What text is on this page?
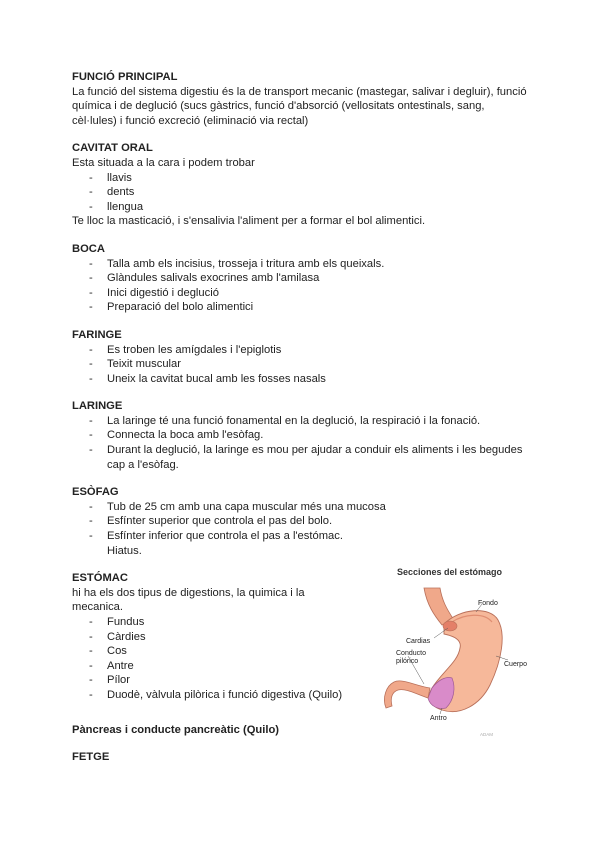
FUNCIÓ PRINCIPAL

La funció del sistema digestiu és la de transport mecanic (mastegar, salivar i degluir), funció

química i de deglució (sucs gàstrics, funció d'absorció (vellositats ontestinals, sang,

cèl·lules) i funció excreció (eliminació via rectal)

CAVITAT ORAL

Esta situada a la cara i podem trobar

- llavis
- dents
- llengua

Te lloc la masticació, i s'ensalivia l'aliment per a formar el bol alimentici.

BOCA

- Talla amb els incisius, trosseja i tritura amb els queixals.
- Glàndules salivals exocrines amb l'amilasa
- Inici digestió i deglució
- Preparació del bolo alimentici

FARINGE

- Es troben les amígdales i l'epiglotis
- Teixit muscular
- Uneix la cavitat bucal amb les fosses nasals

LARINGE

- La laringe té una funció fonamental en la deglució, la respiració i la fonació.
- Connecta la boca amb l'esòfag.
- Durant la deglució, la laringe es mou per ajudar a conduir els aliments i les begudes

cap a l'esòfag.

ESÒFAG

- Tub de 25 cm amb una capa muscular més una mucosa
- Esfínter superior que controla el pas del bolo.
- Esfínter inferior que controla el pas a l'estómac.

Hiatus.

ESTÓMAC

hi ha els dos tipus de digestions, la quimica i la

mecanica.

- Fundus
- Càrdies
- Cos
- Antre
- Pílor
- Duodè, vàlvula pilòrica i funció digestiva (Quilo)

Pàncreas i conducte pancreàtic (Quilo)

FETGE

Secciones del estómago
Fondo
Cardias
Conducto
pilórico	Cuerpo
Antro
ADAM
